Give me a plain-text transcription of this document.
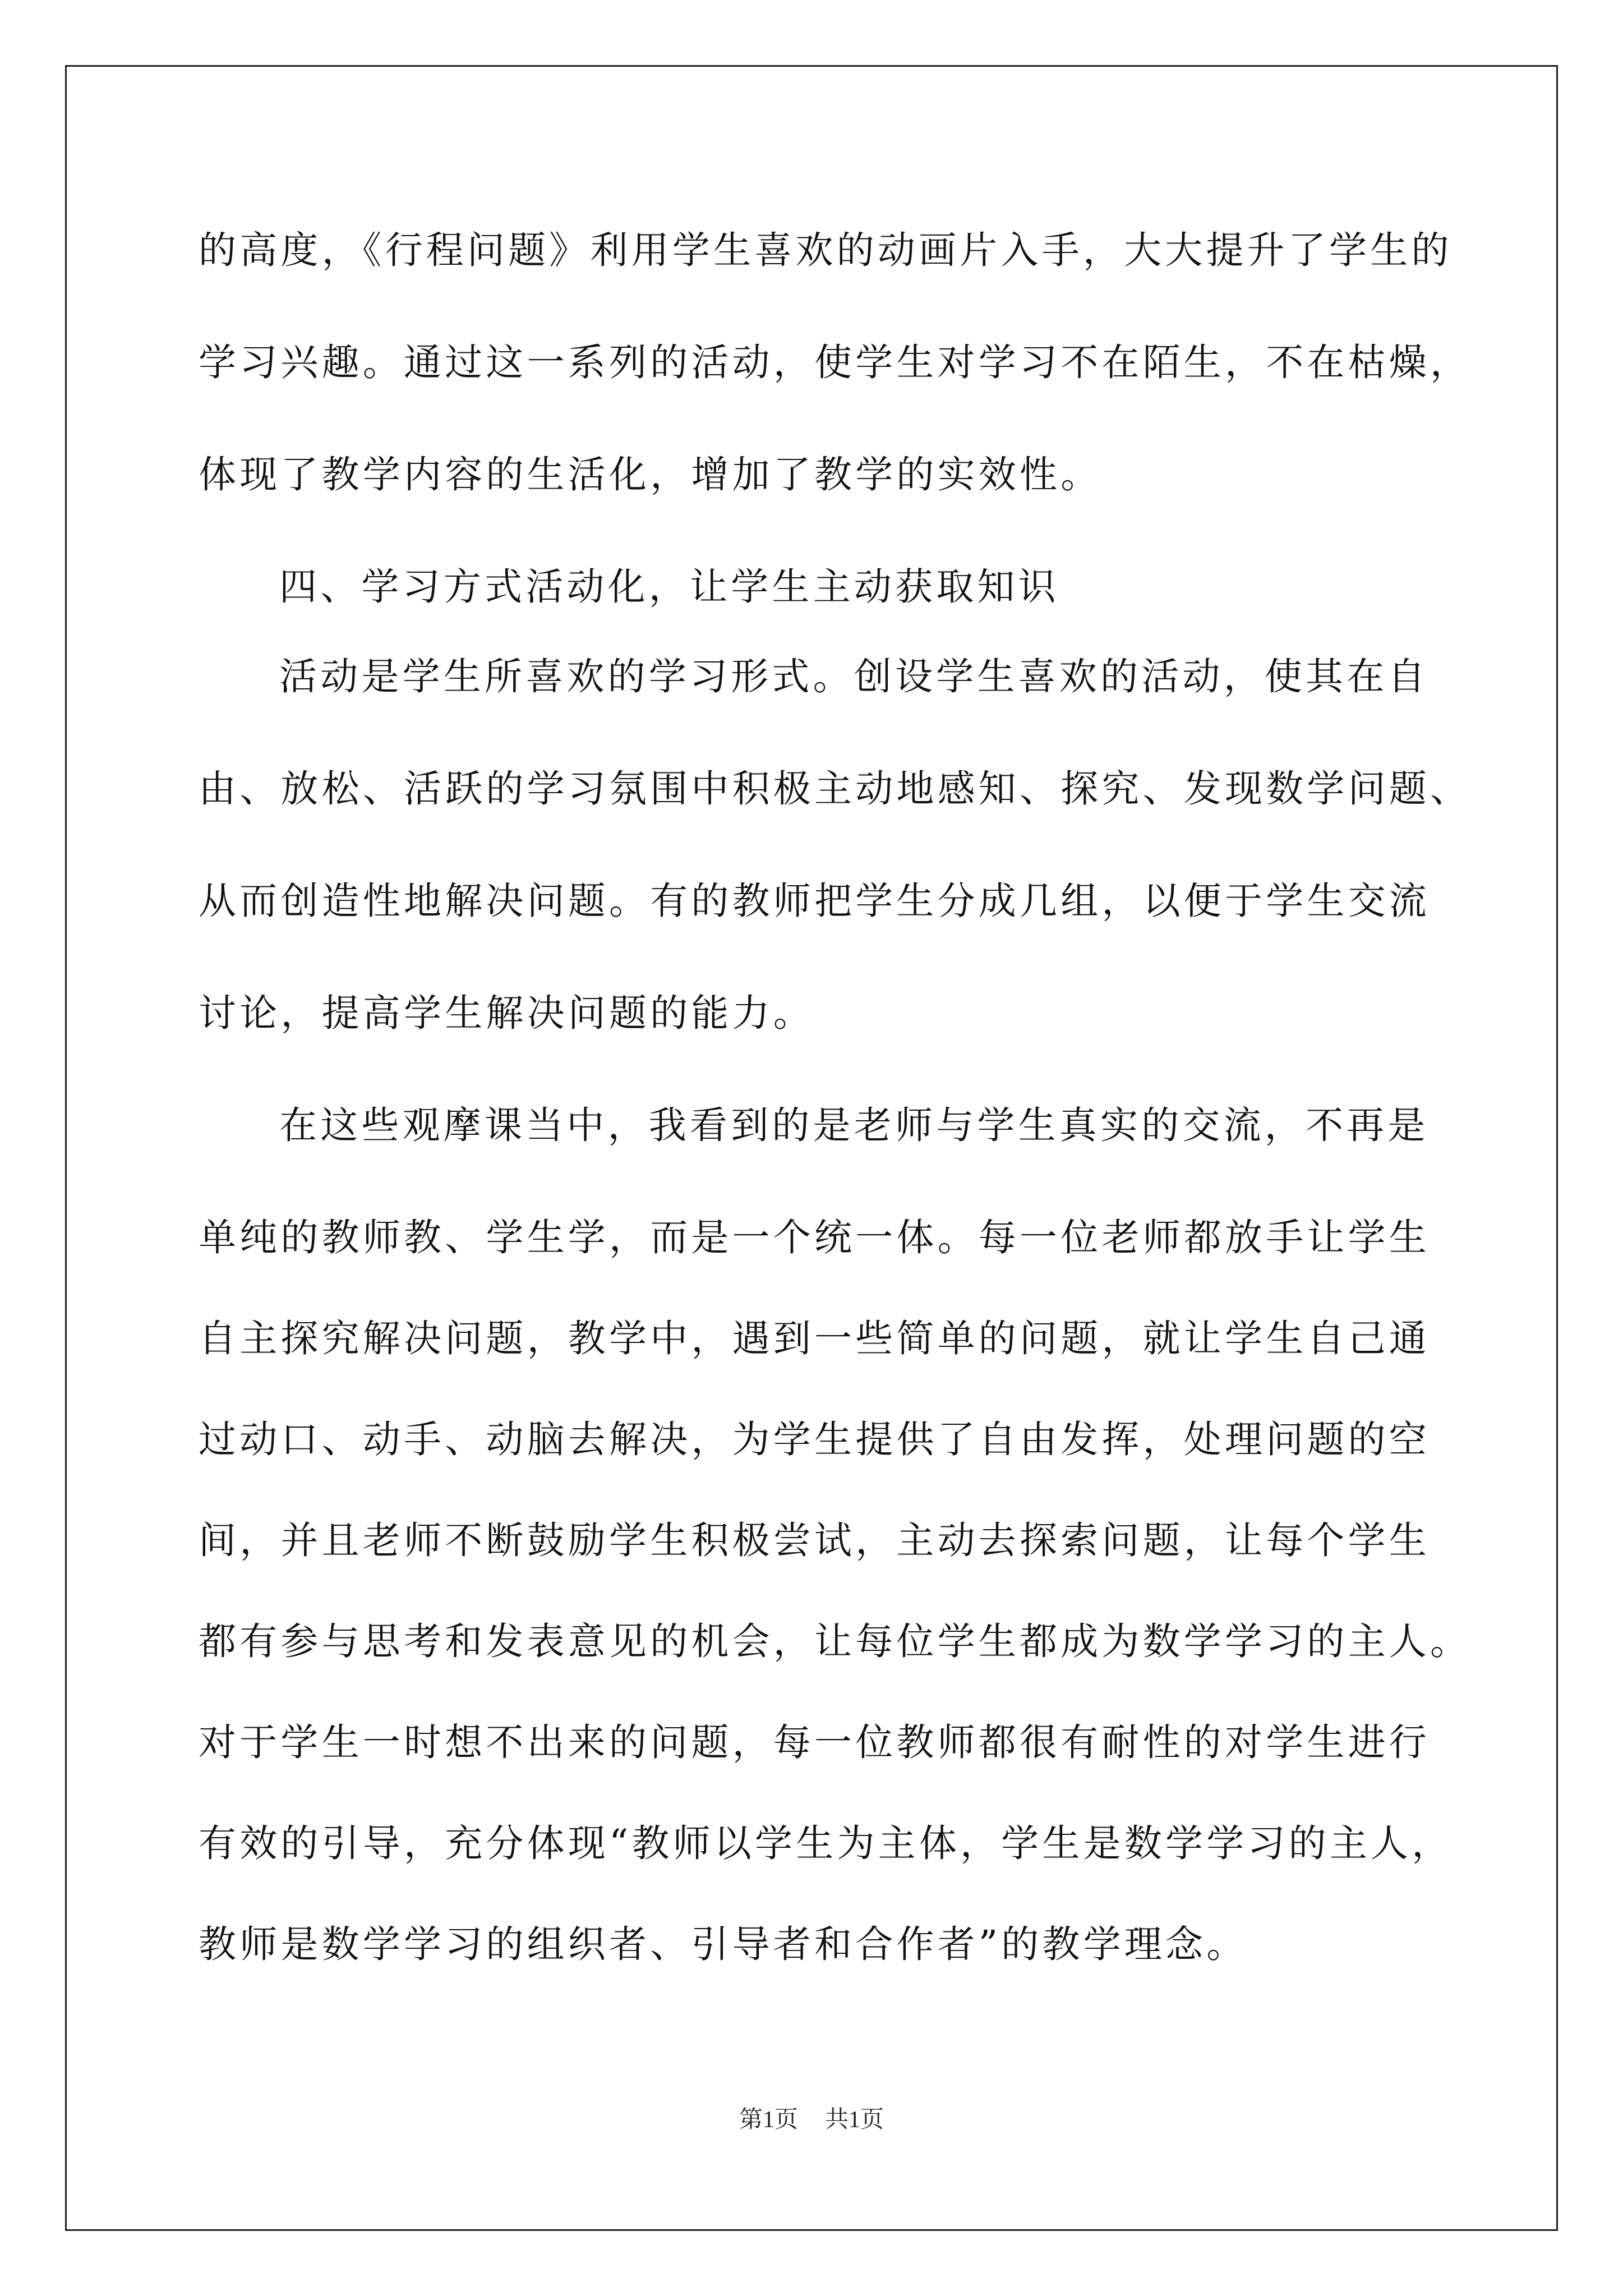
的高度，《行程问题》利用学生喜欢的动画片入手，大大提升了学生的
学习兴趣。通过这一系列的活动，使学生对学习不在陌生，不在枯燥，
体现了教学内容的生活化，增加了教学的实效性。
四、学习方式活动化，让学生主动获取知识
活动是学生所喜欢的学习形式。创设学生喜欢的活动，使其在自
由、放松、活跃的学习氛围中积极主动地感知、探究、发现数学问题、
从而创造性地解决问题。有的教师把学生分成几组，以便于学生交流
讨论，提高学生解决问题的能力。
在这些观摩课当中，我看到的是老师与学生真实的交流，不再是
单纯的教师教、学生学，而是一个统一体。每一位老师都放手让学生
自主探究解决问题，教学中，遇到一些简单的问题，就让学生自己通
过动口、动手、动脑去解决，为学生提供了自由发挥，处理问题的空
间，并且老师不断鼓励学生积极尝试，主动去探索问题，让每个学生
都有参与思考和发表意见的机会，让每位学生都成为数学学习的主人。
对于学生一时想不出来的问题，每一位教师都很有耐性的对学生进行
有效的引导，充分体现“教师以学生为主体，学生是数学学习的主人，
教师是数学学习的组织者、引导者和合作者”的教学理念。
第1页 共1页
